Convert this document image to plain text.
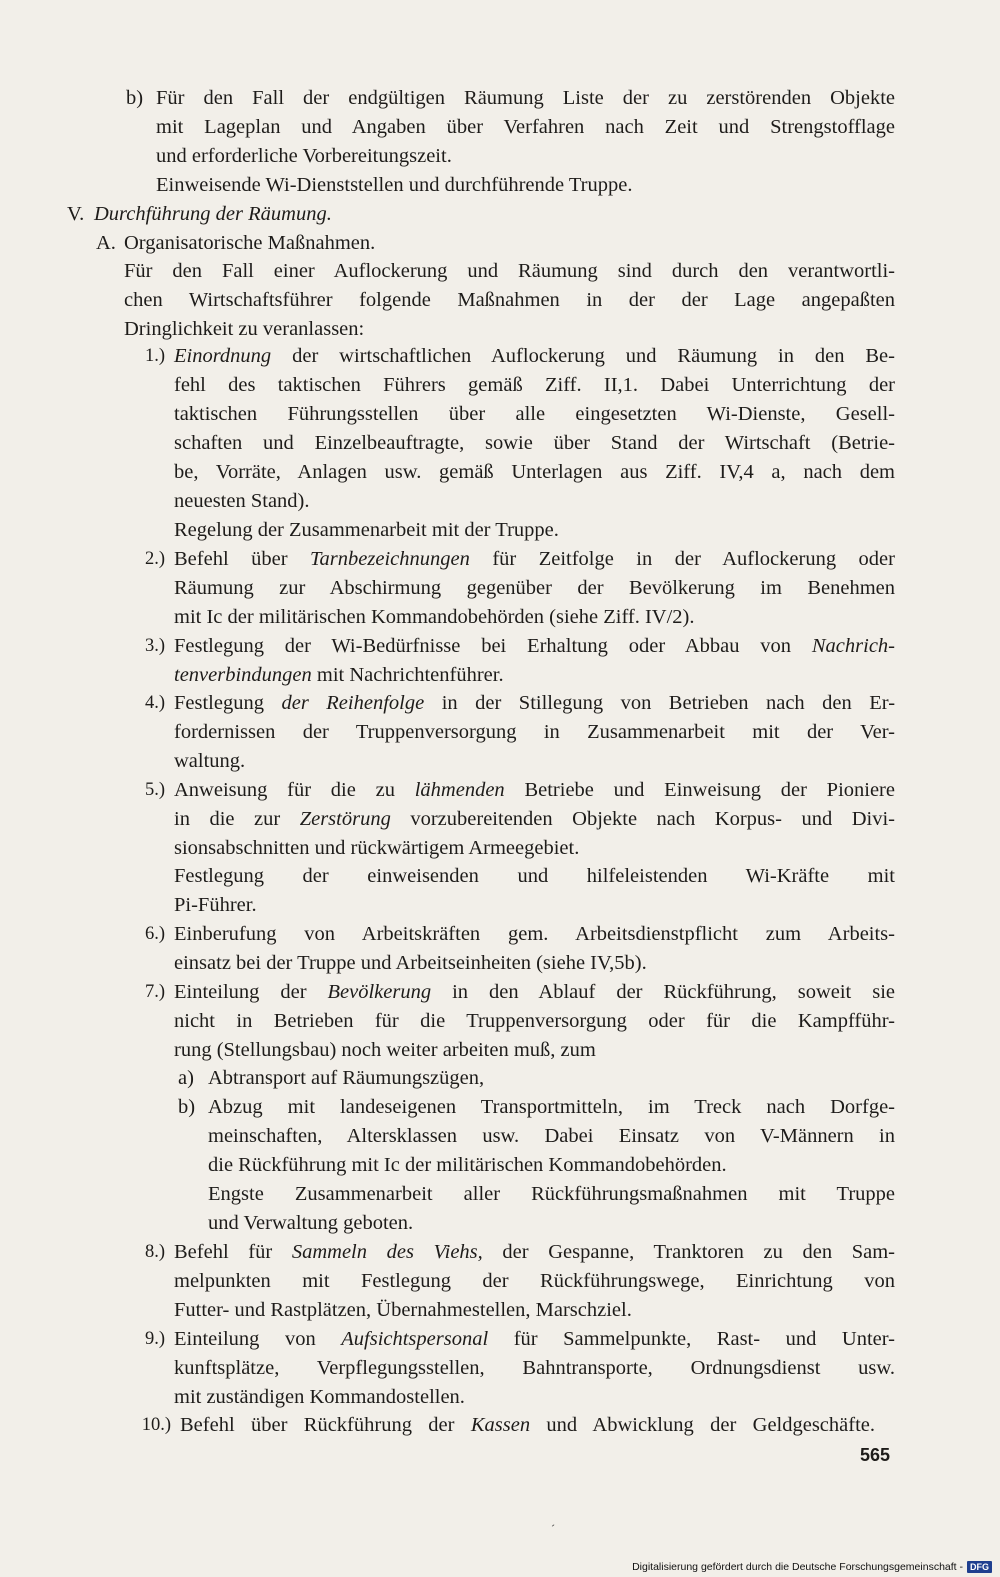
b) Für den Fall der endgültigen Räumung Liste der zu zerstörenden Objekte
mit Lageplan und Angaben über Verfahren nach Zeit und Strengstofflage
und erforderliche Vorbereitungszeit.
Einweisende Wi-Dienststellen und durchführende Truppe.
V. Durchführung der Räumung.
A. Organisatorische Maßnahmen.
Für den Fall einer Auflockerung und Räumung sind durch den verantwortli-
chen Wirtschaftsführer folgende Maßnahmen in der der Lage angepaßten
Dringlichkeit zu veranlassen:
1.) Einordnung der wirtschaftlichen Auflockerung und Räumung in den Be-
fehl des taktischen Führers gemäß Ziff. II,1. Dabei Unterrichtung der
taktischen Führungsstellen über alle eingesetzten Wi-Dienste, Gesell-
schaften und Einzelbeauftragte, sowie über Stand der Wirtschaft (Betrie-
be, Vorräte, Anlagen usw. gemäß Unterlagen aus Ziff. IV,4 a, nach dem
neuesten Stand).
Regelung der Zusammenarbeit mit der Truppe.
2.) Befehl über Tarnbezeichnungen für Zeitfolge in der Auflockerung oder
Räumung zur Abschirmung gegenüber der Bevölkerung im Benehmen
mit Ic der militärischen Kommandobehörden (siehe Ziff. IV/2).
3.) Festlegung der Wi-Bedürfnisse bei Erhaltung oder Abbau von Nachrich-
tenverbindungen mit Nachrichtenführer.
4.) Festlegung der Reihenfolge in der Stillegung von Betrieben nach den Er-
fordernissen der Truppenversorgung in Zusammenarbeit mit der Ver-
waltung.
5.) Anweisung für die zu lähmenden Betriebe und Einweisung der Pioniere
in die zur Zerstörung vorzubereitenden Objekte nach Korpus- und Divi-
sionsabschnitten und rückwärtigem Armeegebiet.
Festlegung der einweisenden und hilfeleistenden Wi-Kräfte mit
Pi-Führer.
6.) Einberufung von Arbeitskräften gem. Arbeitsdienstpflicht zum Arbeits-
einsatz bei der Truppe und Arbeitseinheiten (siehe IV,5b).
7.) Einteilung der Bevölkerung in den Ablauf der Rückführung, soweit sie
nicht in Betrieben für die Truppenversorgung oder für die Kampfführ-
rung (Stellungsbau) noch weiter arbeiten muß, zum
a) Abtransport auf Räumungszügen,
b) Abzug mit landeseigenen Transportmitteln, im Treck nach Dorfge-
meinschaften, Altersklassen usw. Dabei Einsatz von V-Männern in
die Rückführung mit Ic der militärischen Kommandobehörden.
Engste Zusammenarbeit aller Rückführungsmaßnahmen mit Truppe
und Verwaltung geboten.
8.) Befehl für Sammeln des Viehs, der Gespanne, Tranktoren zu den Sam-
melpunkten mit Festlegung der Rückführungswege, Einrichtung von
Futter- und Rastplätzen, Übernahmestellen, Marschziel.
9.) Einteilung von Aufsichtspersonal für Sammelpunkte, Rast- und Unter-
kunftsplätze, Verpflegungsstellen, Bahntransporte, Ordnungsdienst usw.
mit zuständigen Kommandostellen.
10.) Befehl über Rückführung der Kassen und Abwicklung der Geldgeschäfte.
565
ˊ
Digitalisierung gefördert durch die Deutsche Forschungsgemeinschaft - DFG
